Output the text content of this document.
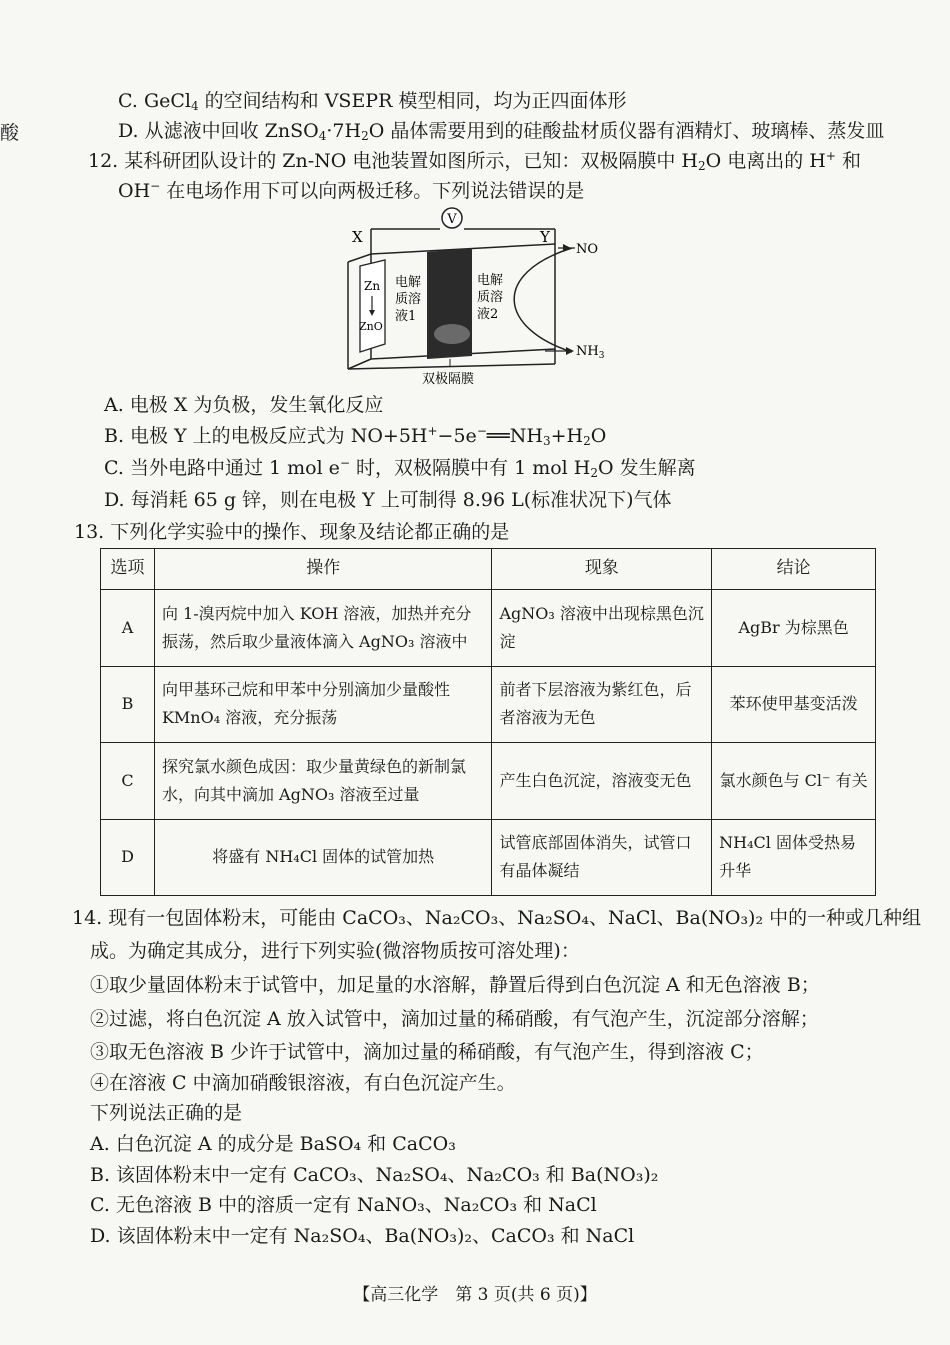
酸
C. GeCl$_4$ 的空间结构和 VSEPR 模型相同，均为正四面体形
D. 从滤液中回收 $ZnSO_4\cdot 7H_2O$ 晶体需要用到的硅酸盐材质仪器有酒精灯、玻璃棒、蒸发皿
12. 某科研团队设计的 Zn-NO 电池装置如图所示，已知：双极隔膜中 $H_2O$ 电离出的 H+ 和
OH− 在电场作用下可以向两极迁移。下列说法错误的是
V
X	Y
Zn
ZnO
电解
质溶
液1
电解
质溶
液2
NO
$NH_3$
双极隔膜
A. 电极 X 为负极，发生氧化反应
B. 电极 Y 上的电极反应式为 $NO+5H^+-5e^-══NH_3+H_2O$
C. 当外电路中通过 1 mol e− 时，双极隔膜中有 1 mol $H_2O$ 发生解离
D. 每消耗 65 g 锌，则在电极 Y 上可制得 8.96 L(标准状况下)气体
13. 下列化学实验中的操作、现象及结论都正确的是
选项	操作	现象	结论
A	向 1-溴丙烷中加入 KOH 溶液，加热并充分振荡，然后取少量液体滴入 AgNO₃ 溶液中	AgNO₃ 溶液中出现棕黑色沉淀	AgBr 为棕黑色
B	向甲基环己烷和甲苯中分别滴加少量酸性 KMnO₄ 溶液，充分振荡	前者下层溶液为紫红色，后者溶液为无色	苯环使甲基变活泼
C	探究氯水颜色成因：取少量黄绿色的新制氯水，向其中滴加 AgNO₃ 溶液至过量	产生白色沉淀，溶液变无色	氯水颜色与 Cl⁻ 有关
D	将盛有 NH₄Cl 固体的试管加热	试管底部固体消失，试管口有晶体凝结	NH₄Cl 固体受热易升华
14. 现有一包固体粉末，可能由 CaCO₃、Na₂CO₃、Na₂SO₄、NaCl、Ba(NO₃)₂ 中的一种或几种组
成。为确定其成分，进行下列实验(微溶物质按可溶处理)：
①取少量固体粉末于试管中，加足量的水溶解，静置后得到白色沉淀 A 和无色溶液 B；
②过滤，将白色沉淀 A 放入试管中，滴加过量的稀硝酸，有气泡产生，沉淀部分溶解；
③取无色溶液 B 少许于试管中，滴加过量的稀硝酸，有气泡产生，得到溶液 C；
④在溶液 C 中滴加硝酸银溶液，有白色沉淀产生。
下列说法正确的是
A. 白色沉淀 A 的成分是 BaSO₄ 和 CaCO₃
B. 该固体粉末中一定有 CaCO₃、Na₂SO₄、Na₂CO₃ 和 Ba(NO₃)₂
C. 无色溶液 B 中的溶质一定有 NaNO₃、Na₂CO₃ 和 NaCl
D. 该固体粉末中一定有 Na₂SO₄、Ba(NO₃)₂、CaCO₃ 和 NaCl
【高三化学　第 3 页(共 6 页)】
